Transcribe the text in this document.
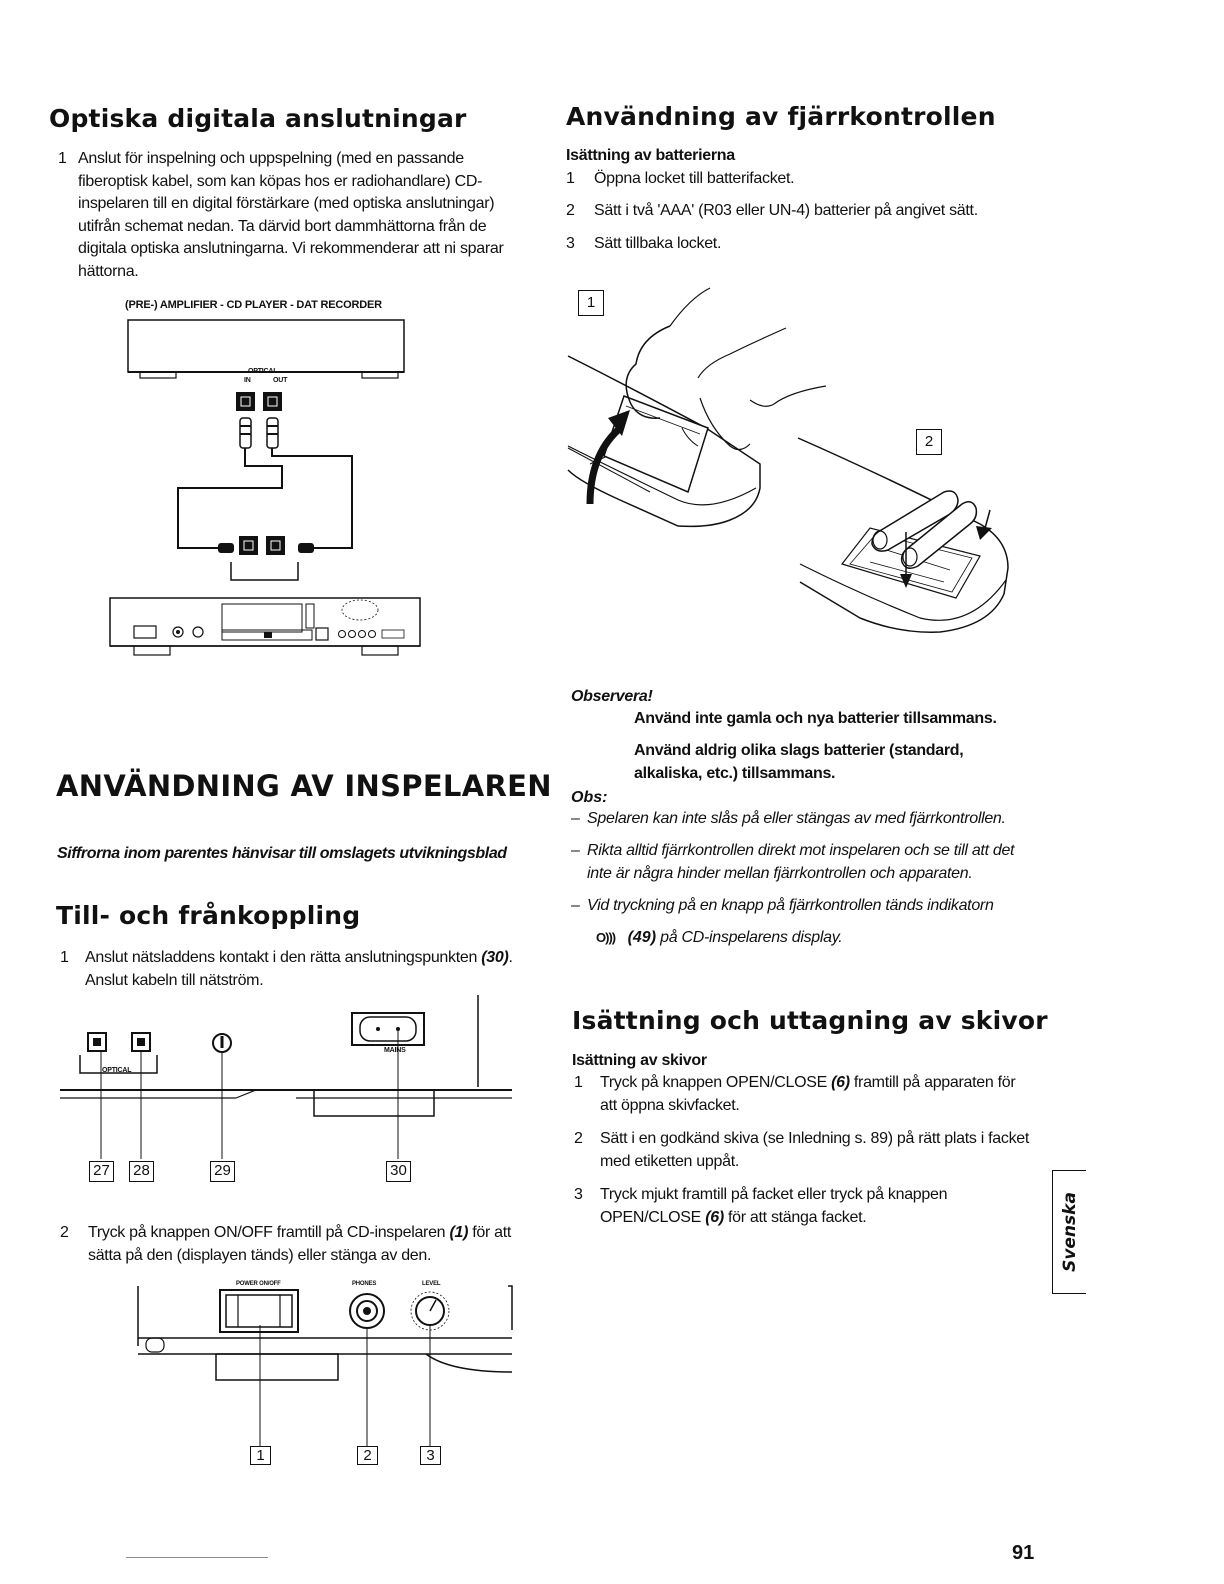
Optiska digitala anslutningar
1 Anslut för inspelning och uppspelning (med en passande
fiberoptisk kabel, som kan köpas hos er radiohandlare) CD-
inspelaren till en digital förstärkare (med optiska anslutningar)
utifrån schemat nedan. Ta därvid bort dammhättorna från de
digitala optiska anslutningarna. Vi rekommenderar att ni sparar
hättorna.
(PRE-) AMPLIFIER - CD PLAYER - DAT RECORDER
OPTICAL
IN	OUT
ANVÄNDNING AV INSPELAREN
Siffrorna inom parentes hänvisar till omslagets utvikningsblad
Till- och frånkoppling
1 Anslut nätsladdens kontakt i den rätta anslutningspunkten (30).
Anslut kabeln till nätström.
OPTICAL
MAINS
27 28	29	30
2 Tryck på knappen ON/OFF framtill på CD-inspelaren (1) för att
sätta på den (displayen tänds) eller stänga av den.
POWER ON/OFF	PHONES	LEVEL
1	2	3
Användning av fjärrkontrollen
Isättning av batterierna
1 Öppna locket till batterifacket.
2 Sätt i två 'AAA' (R03 eller UN-4) batterier på angivet sätt.
3 Sätt tillbaka locket.
1
2
Observera!
Använd inte gamla och nya batterier tillsammans.
Använd aldrig olika slags batterier (standard,
alkaliska, etc.) tillsammans.
Obs:
– Spelaren kan inte slås på eller stängas av med fjärrkontrollen.
– Rikta alltid fjärrkontrollen direkt mot inspelaren och se till att det
inte är några hinder mellan fjärrkontrollen och apparaten.
– Vid tryckning på en knapp på fjärrkontrollen tänds indikatorn
O))) (49) på CD-inspelarens display.
Isättning och uttagning av skivor
Isättning av skivor
1 Tryck på knappen OPEN/CLOSE (6) framtill på apparaten för
att öppna skivfacket.
2 Sätt i en godkänd skiva (se Inledning s. 89) på rätt plats i facket
med etiketten uppåt.
3 Tryck mjukt framtill på facket eller tryck på knappen
OPEN/CLOSE (6) för att stänga facket.	Svenska
91
